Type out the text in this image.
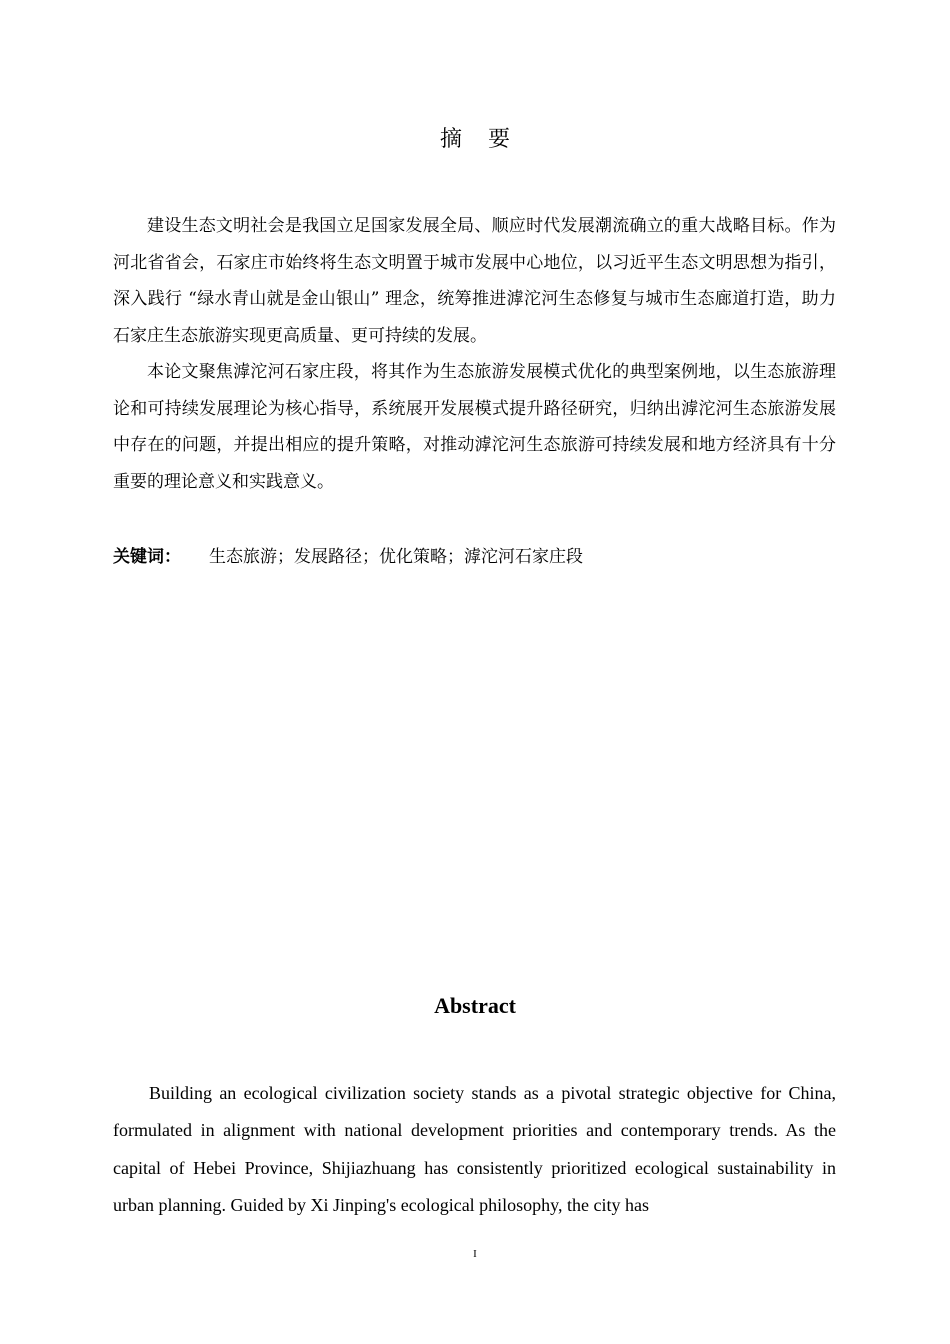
摘要

建设生态文明社会是我国立足国家发展全局、顺应时代发展潮流确立的重大战略目标。作为河北省省会，石家庄市始终将生态文明置于城市发展中心地位，以习近平生态文明思想为指引，深入践行 “绿水青山就是金山银山” 理念，统筹推进滹沱河生态修复与城市生态廊道打造，助力石家庄生态旅游实现更高质量、更可持续的发展。

本论文聚焦滹沱河石家庄段，将其作为生态旅游发展模式优化的典型案例地，以生态旅游理论和可持续发展理论为核心指导，系统展开发展模式提升路径研究，归纳出滹沱河生态旅游发展中存在的问题，并提出相应的提升策略，对推动滹沱河生态旅游可持续发展和地方经济具有十分重要的理论意义和实践意义。

关键词： 生态旅游；发展路径；优化策略；滹沱河石家庄段
Abstract

Building an ecological civilization society stands as a pivotal strategic objective for China, formulated in alignment with national development priorities and contemporary trends. As the capital of Hebei Province, Shijiazhuang has consistently prioritized ecological sustainability in urban planning. Guided by Xi Jinping's ecological philosophy, the city has

I
